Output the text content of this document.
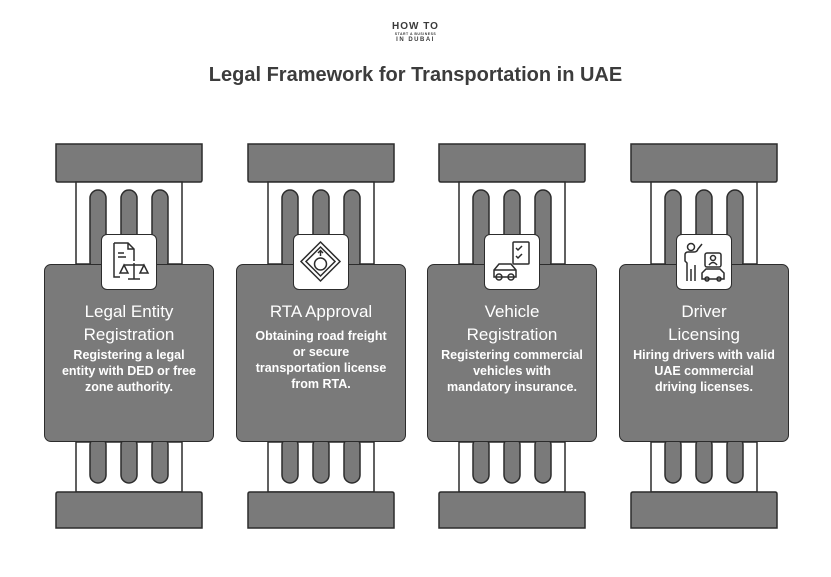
HOW TO
START A BUSINESS
IN DUBAI
Legal Framework for Transportation in UAE
Legal Entity
Registration
Registering a legal entity with DED or free zone authority.
RTA Approval
Obtaining road freight or secure transportation license from RTA.
Vehicle
Registration
Registering commercial vehicles with mandatory insurance.
Driver
Licensing
Hiring drivers with valid UAE commercial driving licenses.
